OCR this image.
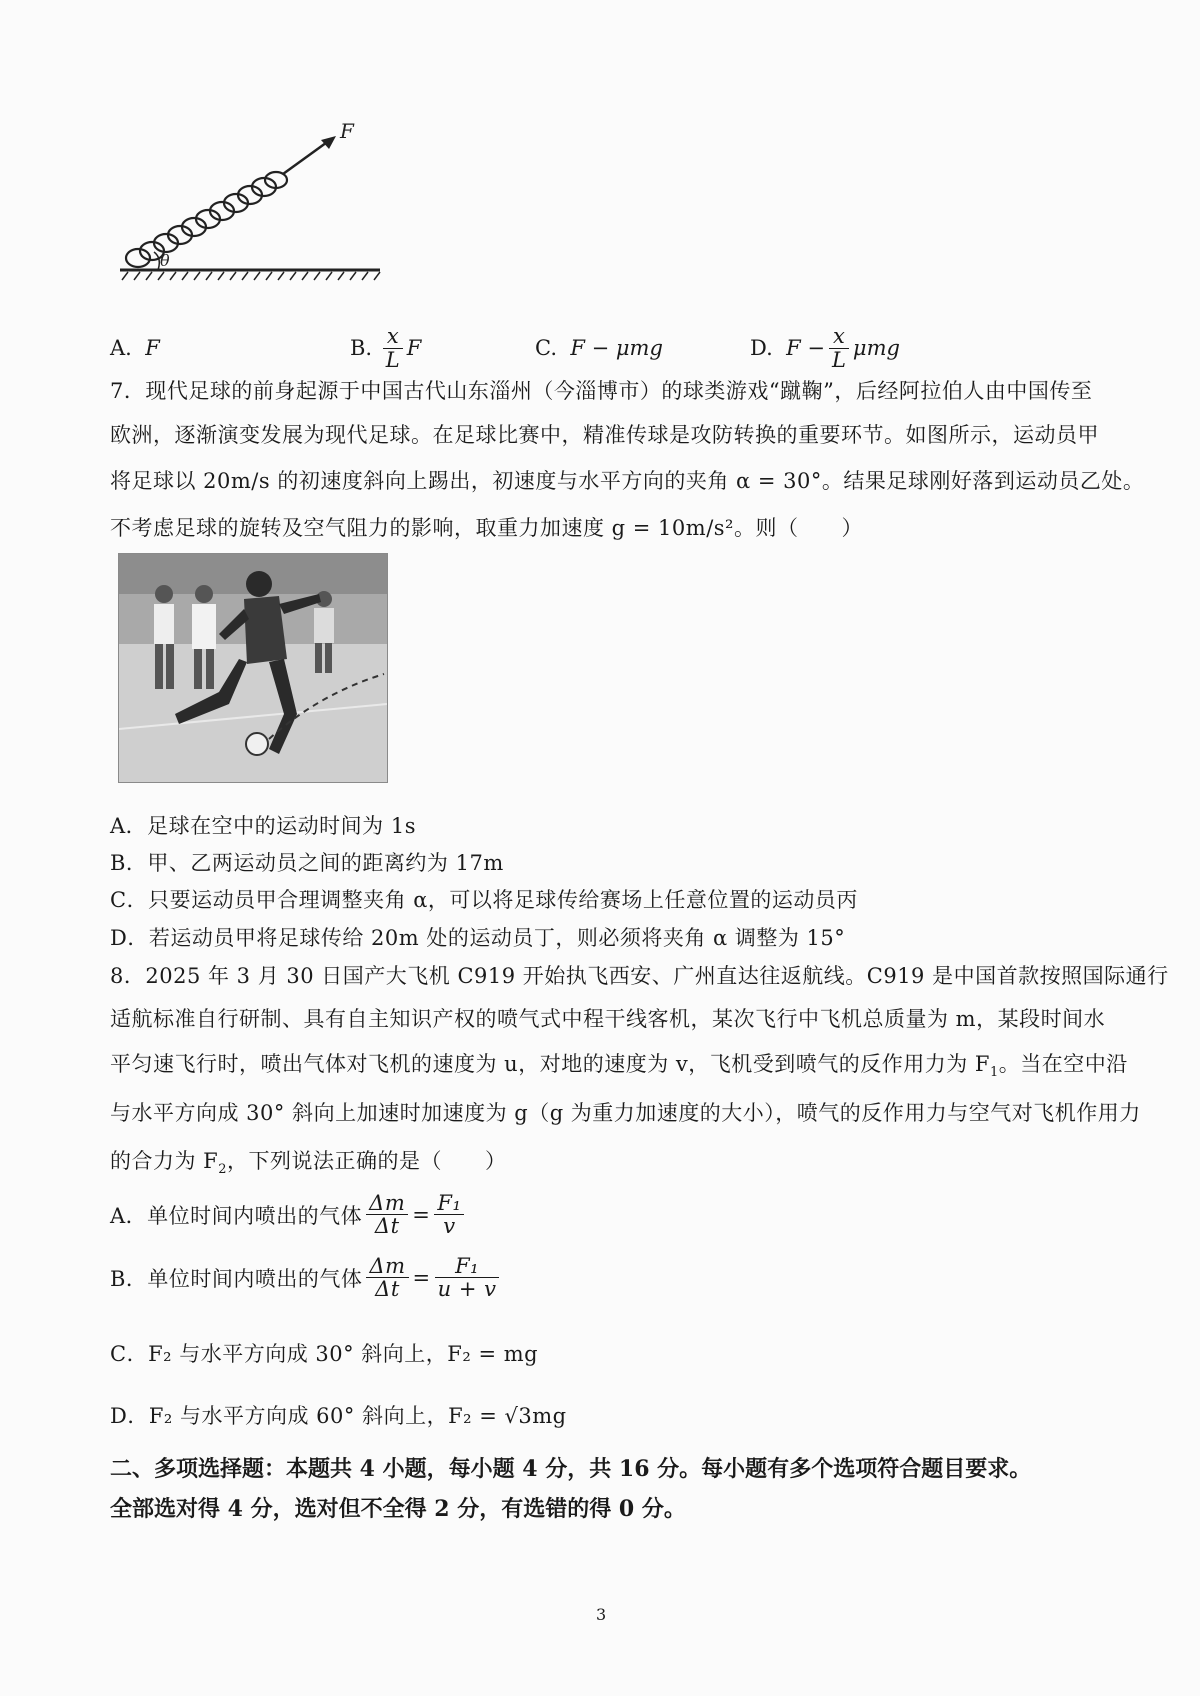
F
θ
A.
F	B.
$\frac{x}{L}$ F	C.
F − μmg	D.
$F - \frac{x}{L}$ μmg
7．现代足球的前身起源于中国古代山东淄州（今淄博市）的球类游戏“蹴鞠”，后经阿拉伯人由中国传至
欧洲，逐渐演变发展为现代足球。在足球比赛中，精准传球是攻防转换的重要环节。如图所示，运动员甲
将足球以 20m/s 的初速度斜向上踢出，初速度与水平方向的夹角 α = 30°。结果足球刚好落到运动员乙处。
不考虑足球的旋转及空气阻力的影响，取重力加速度 g = 10m/s²。则（　　）
A．足球在空中的运动时间为 1s
B．甲、乙两运动员之间的距离约为 17m
C．只要运动员甲合理调整夹角 α，可以将足球传给赛场上任意位置的运动员丙
D．若运动员甲将足球传给 20m 处的运动员丁，则必须将夹角 α 调整为 15°
8．2025 年 3 月 30 日国产大飞机 C919 开始执飞西安、广州直达往返航线。C919 是中国首款按照国际通行
适航标准自行研制、具有自主知识产权的喷气式中程干线客机，某次飞行中飞机总质量为 m，某段时间水
平匀速飞行时，喷出气体对飞机的速度为 u，对地的速度为 v，飞机受到喷气的反作用力为 $F_1$。当在空中沿
与水平方向成 30° 斜向上加速时加速度为 g（g 为重力加速度的大小），喷气的反作用力与空气对飞机作用力
的合力为 $F_2$，下列说法正确的是（　　）
A．单位时间内喷出的气体 $\frac{\Delta m}{\Delta t} = \frac{\text{F₁}}{v}$
B．单位时间内喷出的气体 $\frac{\Delta m}{\Delta t} = \frac{\text{F₁}}{u + v}$
C．F₂ 与水平方向成 30° 斜向上，F₂ = mg
D．F₂ 与水平方向成 60° 斜向上，F₂ = √3mg
二、多项选择题：本题共 4 小题，每小题 4 分，共 16 分。每小题有多个选项符合题目要求。
全部选对得 4 分，选对但不全得 2 分，有选错的得 0 分。
3
